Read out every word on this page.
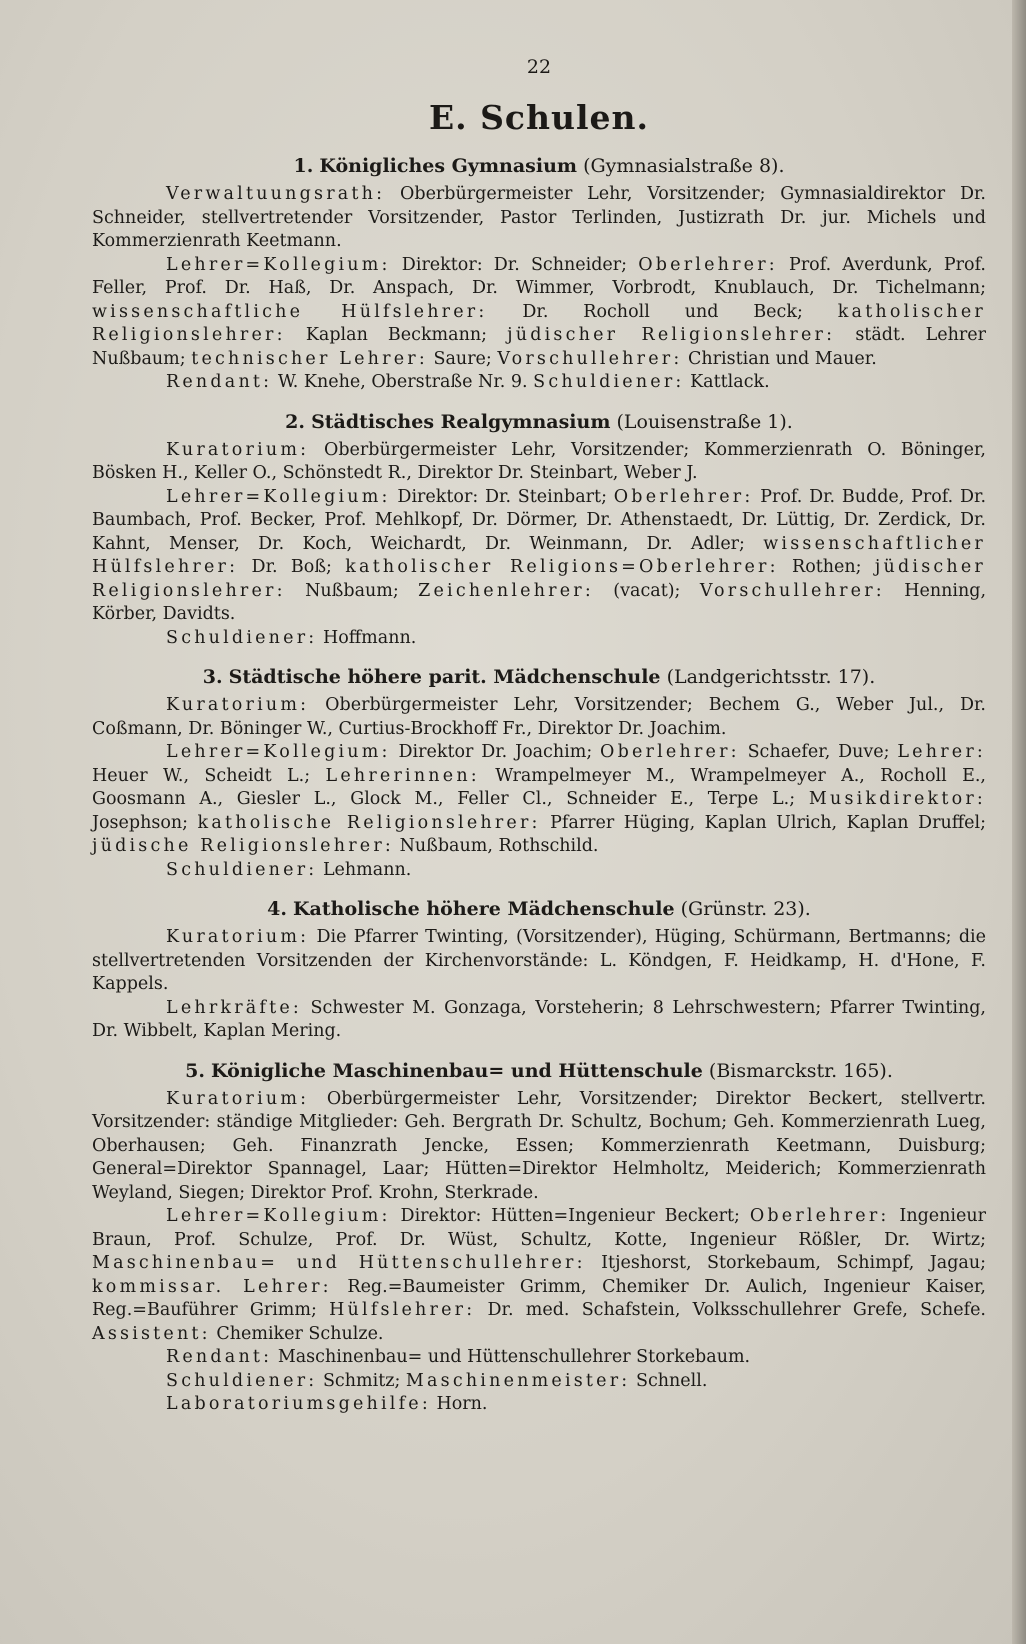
22
E. Schulen.
1. Königliches Gymnasium (Gymnasialstraße 8).

Verwaltuungsrath: Oberbürgermeister Lehr, Vorsitzender; Gymnasialdirektor Dr. Schneider, stellvertretender Vorsitzender, Pastor Terlinden, Justizrath Dr. jur. Michels und Kommerzienrath Keetmann.

Lehrer=Kollegium: Direktor: Dr. Schneider; Oberlehrer: Prof. Averdunk, Prof. Feller, Prof. Dr. Haß, Dr. Anspach, Dr. Wimmer, Vorbrodt, Knublauch, Dr. Tichelmann; wissenschaftliche Hülfslehrer: Dr. Rocholl und Beck; katholischer Religionslehrer: Kaplan Beckmann; jüdischer Religionslehrer: städt. Lehrer Nußbaum; technischer Lehrer: Saure; Vorschullehrer: Christian und Mauer.

Rendant: W. Knehe, Oberstraße Nr. 9. Schuldiener: Kattlack.

2. Städtisches Realgymnasium (Louisenstraße 1).

Kuratorium: Oberbürgermeister Lehr, Vorsitzender; Kommerzienrath O. Böninger, Bösken H., Keller O., Schönstedt R., Direktor Dr. Steinbart, Weber J.

Lehrer=Kollegium: Direktor: Dr. Steinbart; Oberlehrer: Prof. Dr. Budde, Prof. Dr. Baumbach, Prof. Becker, Prof. Mehlkopf, Dr. Dörmer, Dr. Athenstaedt, Dr. Lüttig, Dr. Zerdick, Dr. Kahnt, Menser, Dr. Koch, Weichardt, Dr. Weinmann, Dr. Adler; wissenschaftlicher Hülfslehrer: Dr. Boß; katholischer Religions=Oberlehrer: Rothen; jüdischer Religionslehrer: Nußbaum; Zeichenlehrer: (vacat); Vorschullehrer: Henning, Körber, Davidts.

Schuldiener: Hoffmann.

3. Städtische höhere parit. Mädchenschule (Landgerichtsstr. 17).

Kuratorium: Oberbürgermeister Lehr, Vorsitzender; Bechem G., Weber Jul., Dr. Coßmann, Dr. Böninger W., Curtius-Brockhoff Fr., Direktor Dr. Joachim.

Lehrer=Kollegium: Direktor Dr. Joachim; Oberlehrer: Schaefer, Duve; Lehrer: Heuer W., Scheidt L.; Lehrerinnen: Wrampelmeyer M., Wrampelmeyer A., Rocholl E., Goosmann A., Giesler L., Glock M., Feller Cl., Schneider E., Terpe L.; Musikdirektor: Josephson; katholische Religionslehrer: Pfarrer Hüging, Kaplan Ulrich, Kaplan Druffel; jüdische Religionslehrer: Nußbaum, Rothschild.

Schuldiener: Lehmann.

4. Katholische höhere Mädchenschule (Grünstr. 23).

Kuratorium: Die Pfarrer Twinting, (Vorsitzender), Hüging, Schürmann, Bertmanns; die stellvertretenden Vorsitzenden der Kirchenvorstände: L. Köndgen, F. Heidkamp, H. d'Hone, F. Kappels.

Lehrkräfte: Schwester M. Gonzaga, Vorsteherin; 8 Lehrschwestern; Pfarrer Twinting, Dr. Wibbelt, Kaplan Mering.

5. Königliche Maschinenbau= und Hüttenschule (Bismarckstr. 165).

Kuratorium: Oberbürgermeister Lehr, Vorsitzender; Direktor Beckert, stellvertr. Vorsitzender: ständige Mitglieder: Geh. Bergrath Dr. Schultz, Bochum; Geh. Kommerzienrath Lueg, Oberhausen; Geh. Finanzrath Jencke, Essen; Kommerzienrath Keetmann, Duisburg; General=Direktor Spannagel, Laar; Hütten=Direktor Helmholtz, Meiderich; Kommerzienrath Weyland, Siegen; Direktor Prof. Krohn, Sterkrade.

Lehrer=Kollegium: Direktor: Hütten=Ingenieur Beckert; Oberlehrer: Ingenieur Braun, Prof. Schulze, Prof. Dr. Wüst, Schultz, Kotte, Ingenieur Rößler, Dr. Wirtz; Maschinenbau= und Hüttenschullehrer: Itjeshorst, Storkebaum, Schimpf, Jagau; kommissar. Lehrer: Reg.=Baumeister Grimm, Chemiker Dr. Aulich, Ingenieur Kaiser, Reg.=Bauführer Grimm; Hülfslehrer: Dr. med. Schafstein, Volksschullehrer Grefe, Schefe. Assistent: Chemiker Schulze.

Rendant: Maschinenbau= und Hüttenschullehrer Storkebaum.

Schuldiener: Schmitz; Maschinenmeister: Schnell.

Laboratoriumsgehilfe: Horn.
